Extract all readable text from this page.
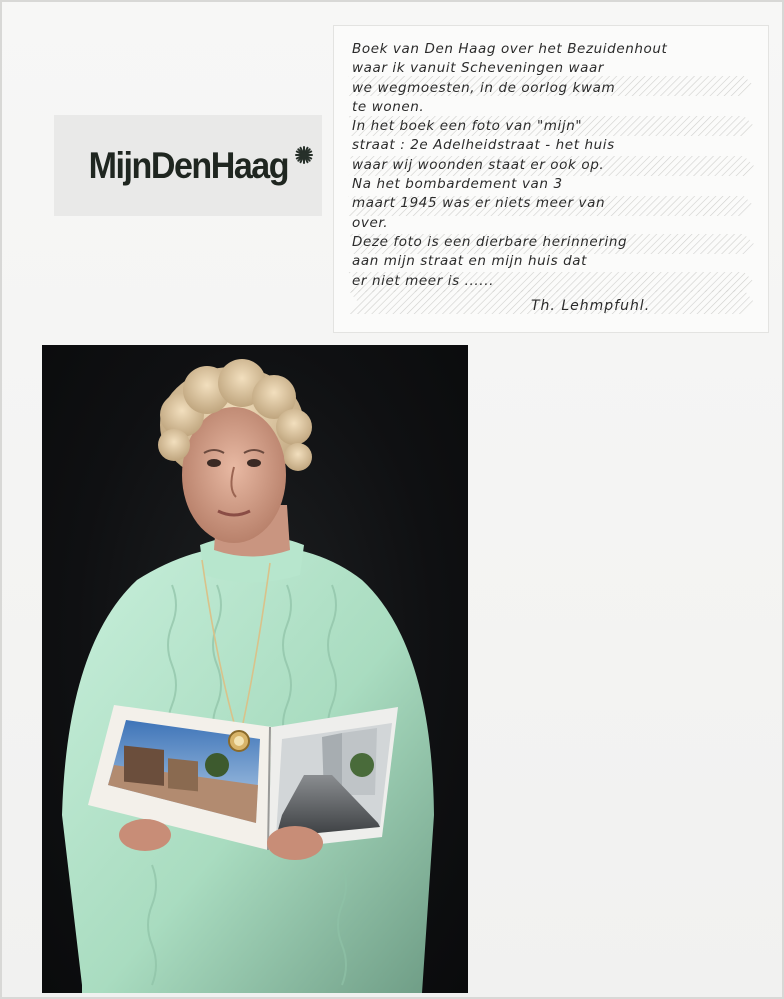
MijnDenHaag
Boek van Den Haag over het Bezuidenhout
waar ik vanuit Scheveningen waar
we wegmoesten, in de oorlog kwam
te wonen.
In het boek een foto van "mijn"
straat : 2e Adelheidstraat - het huis
waar wij woonden staat er ook op.
Na het bombardement van 3
maart 1945 was er niets meer van
over.
Deze foto is een dierbare herinnering
aan mijn straat en mijn huis dat
er niet meer is ......
Th. Lehmpfuhl.
